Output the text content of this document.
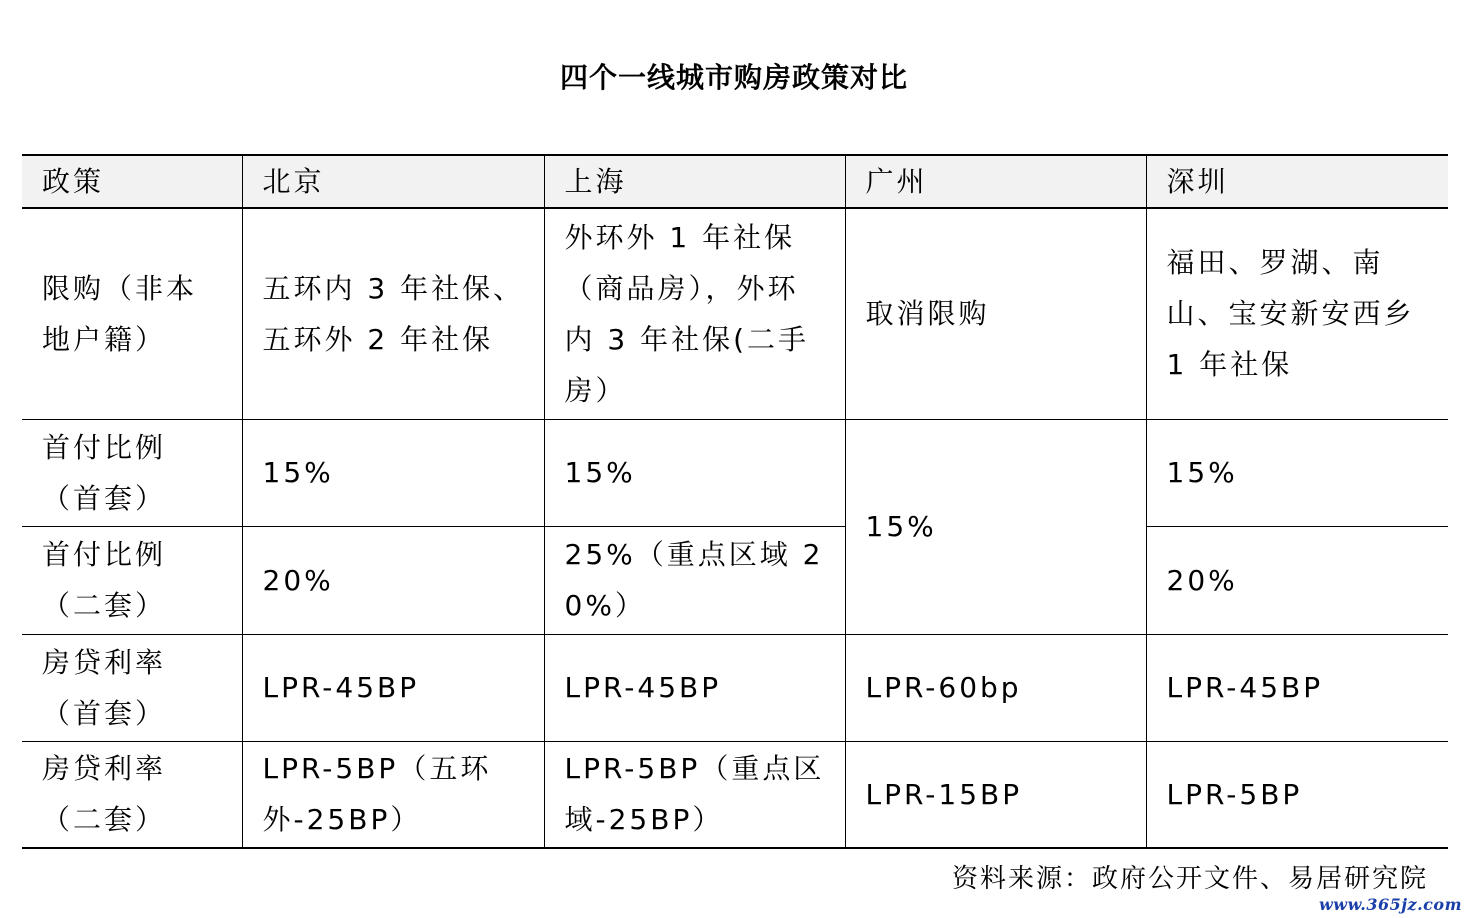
四个一线城市购房政策对比
政策	北京	上海	广州	深圳
限购（非本地户籍）	五环内 3 年社保、五环外 2 年社保	外环外 1 年社保（商品房），外环内 3 年社保(二手房）	取消限购	福田、罗湖、南山、宝安新安西乡 1 年社保
首付比例（首套）	15%	15%	15%	15%
首付比例（二套）	20%	25%（重点区域 20%）		20%
房贷利率（首套）	LPR-45BP	LPR-45BP	LPR-60bp	LPR-45BP
房贷利率（二套）	LPR-5BP（五环外-25BP）	LPR-5BP（重点区域-25BP）	LPR-15BP	LPR-5BP
资料来源：政府公开文件、易居研究院
www.365jz.com
